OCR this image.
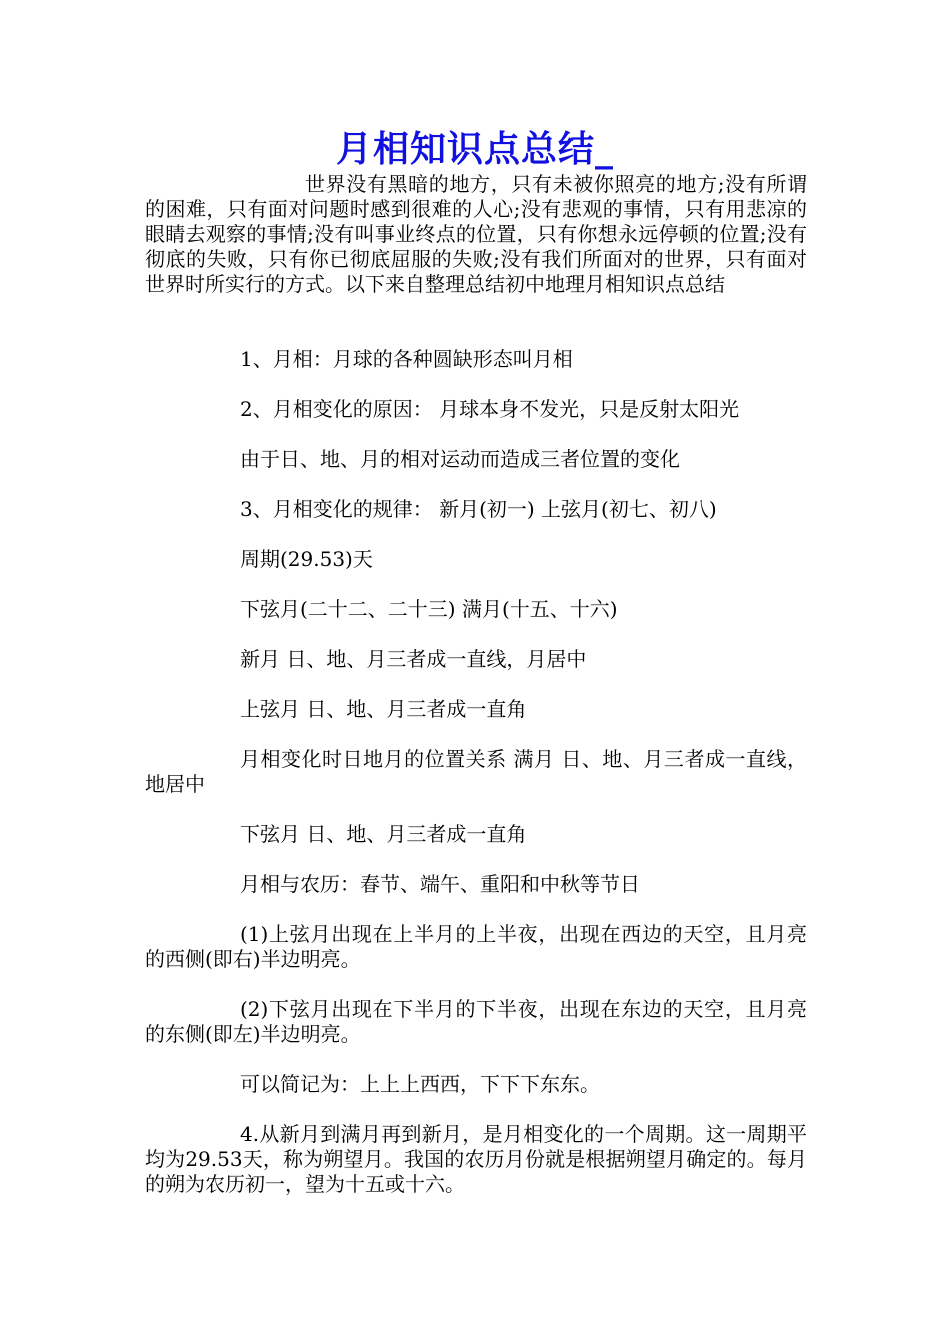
月相知识点总结_

世界没有黑暗的地方，只有未被你照亮的地方;没有所谓的困难，只有面对问题时感到很难的人心;没有悲观的事情，只有用悲凉的眼睛去观察的事情;没有叫事业终点的位置，只有你想永远停顿的位置;没有彻底的失败，只有你已彻底屈服的失败;没有我们所面对的世界，只有面对世界时所实行的方式。以下来自整理总结初中地理月相知识点总结

1、月相：月球的各种圆缺形态叫月相

2、月相变化的原因： 月球本身不发光，只是反射太阳光

由于日、地、月的相对运动而造成三者位置的变化

3、月相变化的规律： 新月(初一) 上弦月(初七、初八)

周期(29.53)天

下弦月(二十二、二十三) 满月(十五、十六)

新月 日、地、月三者成一直线，月居中

上弦月 日、地、月三者成一直角

月相变化时日地月的位置关系 满月 日、地、月三者成一直线，地居中

下弦月 日、地、月三者成一直角

月相与农历：春节、端午、重阳和中秋等节日

(1)上弦月出现在上半月的上半夜，出现在西边的天空，且月亮的西侧(即右)半边明亮。

(2)下弦月出现在下半月的下半夜，出现在东边的天空，且月亮的东侧(即左)半边明亮。

可以简记为：上上上西西，下下下东东。

4.从新月到满月再到新月，是月相变化的一个周期。这一周期平均为29.53天，称为朔望月。我国的农历月份就是根据朔望月确定的。每月的朔为农历初一，望为十五或十六。
